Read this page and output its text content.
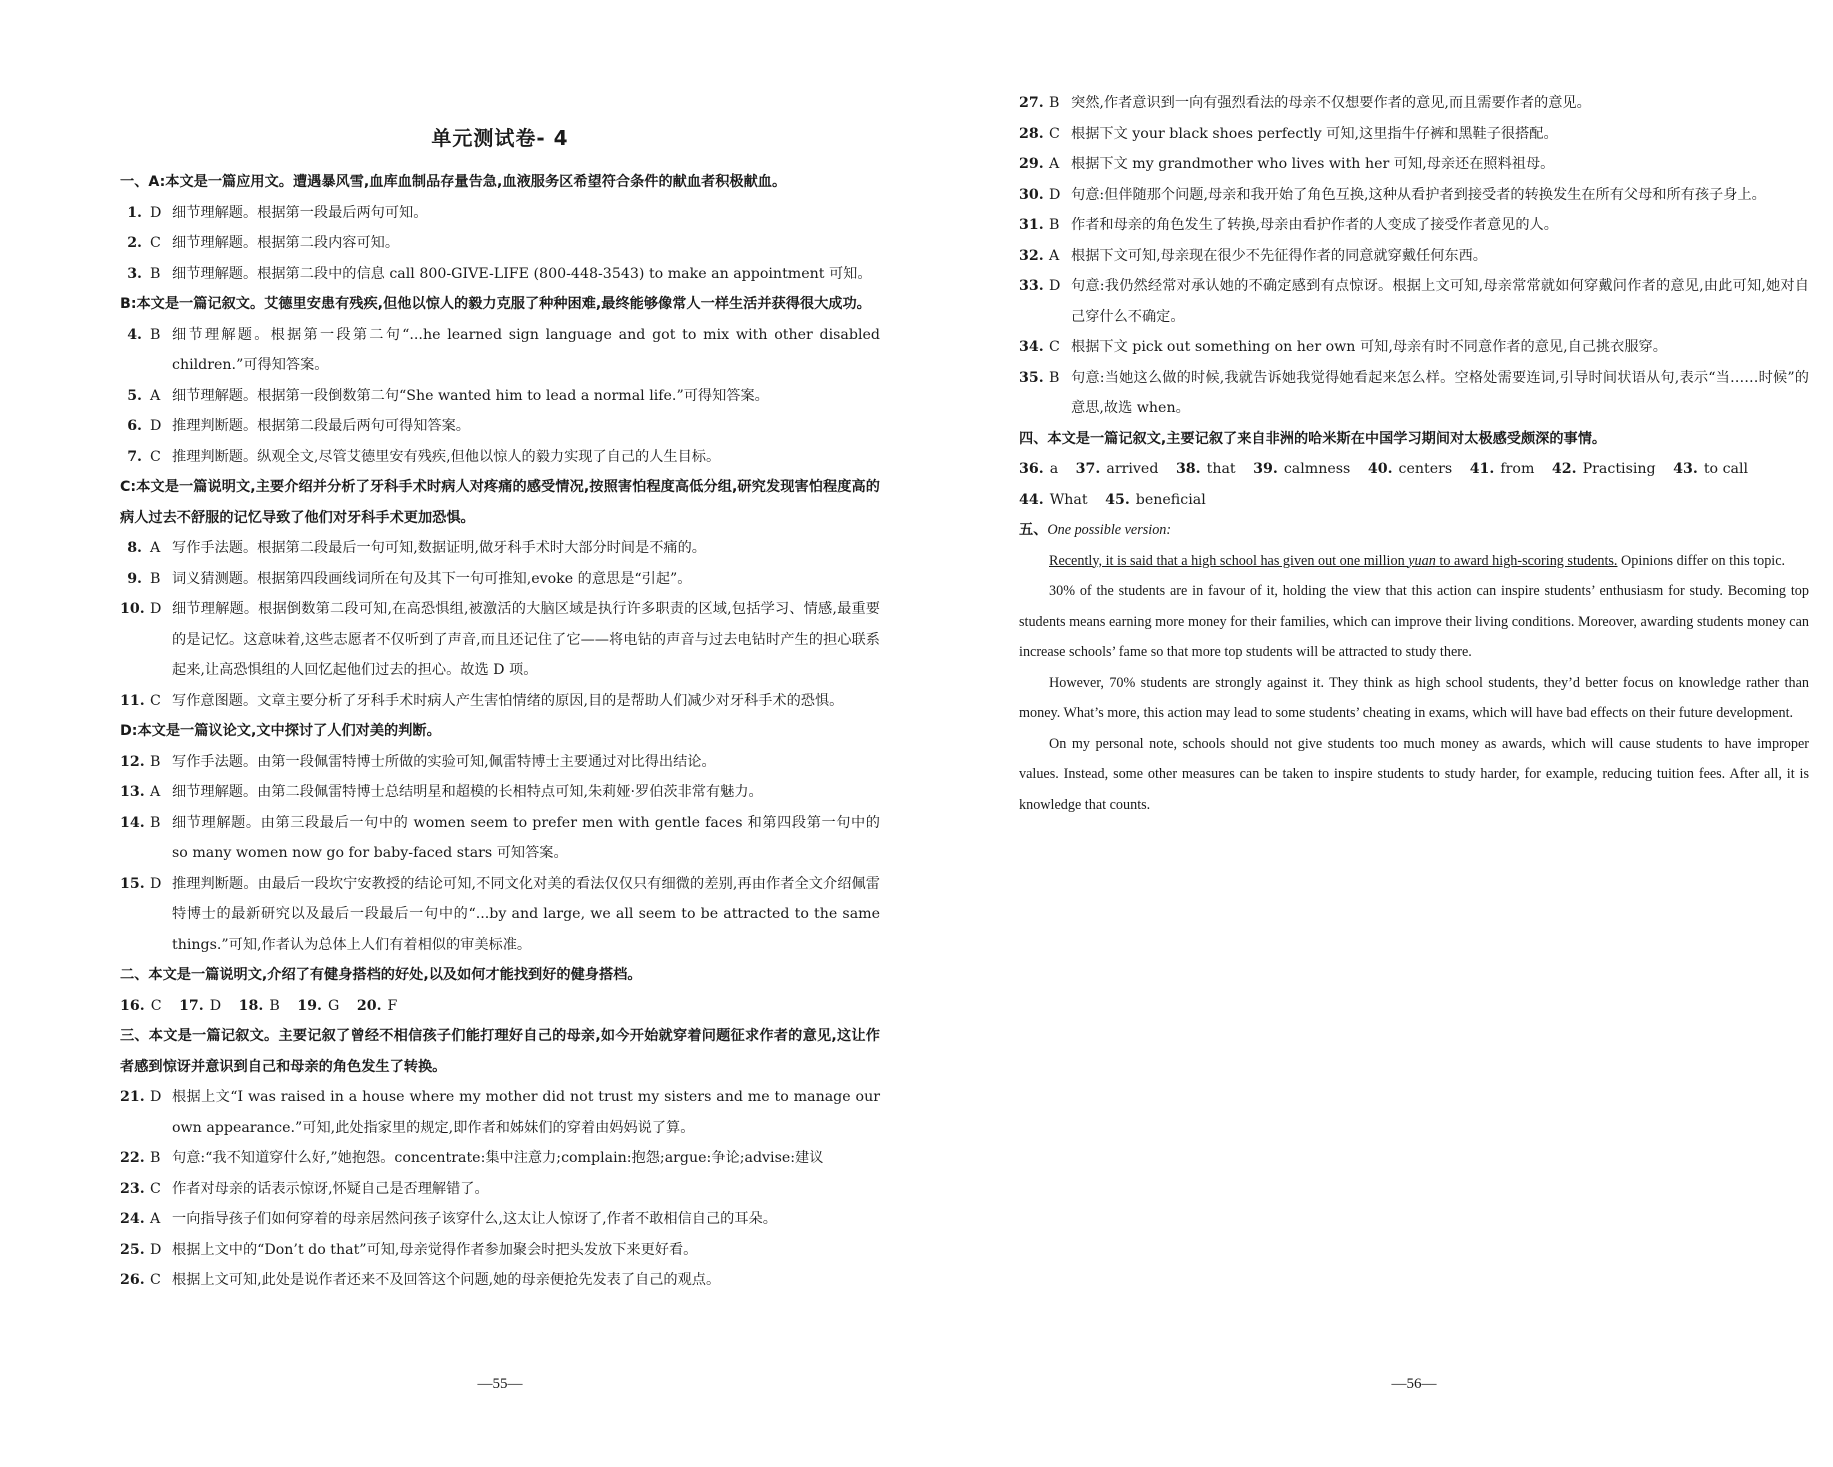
单元测试卷- 4
一、A:本文是一篇应用文。遭遇暴风雪,血库血制品存量告急,血液服务区希望符合条件的献血者积极献血。
1. D 细节理解题。根据第一段最后两句可知。
2. C 细节理解题。根据第二段内容可知。
3. B 细节理解题。根据第二段中的信息 call 800-GIVE-LIFE (800-448-3543) to make an appointment 可知。
B:本文是一篇记叙文。艾德里安患有残疾,但他以惊人的毅力克服了种种困难,最终能够像常人一样生活并获得很大成功。
4. B 细节理解题。根据第一段第二句“...he learned sign language and got to mix with other disabled children.”可得知答案。
5. A 细节理解题。根据第一段倒数第二句“She wanted him to lead a normal life.”可得知答案。
6. D 推理判断题。根据第二段最后两句可得知答案。
7. C 推理判断题。纵观全文,尽管艾德里安有残疾,但他以惊人的毅力实现了自己的人生目标。
C:本文是一篇说明文,主要介绍并分析了牙科手术时病人对疼痛的感受情况,按照害怕程度高低分组,研究发现害怕程度高的病人过去不舒服的记忆导致了他们对牙科手术更加恐惧。
8. A 写作手法题。根据第二段最后一句可知,数据证明,做牙科手术时大部分时间是不痛的。
9. B 词义猜测题。根据第四段画线词所在句及其下一句可推知,evoke 的意思是“引起”。
10. D 细节理解题。根据倒数第二段可知,在高恐惧组,被激活的大脑区域是执行许多职责的区域,包括学习、情感,最重要的是记忆。这意味着,这些志愿者不仅听到了声音,而且还记住了它——将电钻的声音与过去电钻时产生的担心联系起来,让高恐惧组的人回忆起他们过去的担心。故选 D 项。
11. C 写作意图题。文章主要分析了牙科手术时病人产生害怕情绪的原因,目的是帮助人们减少对牙科手术的恐惧。
D:本文是一篇议论文,文中探讨了人们对美的判断。
12. B 写作手法题。由第一段佩雷特博士所做的实验可知,佩雷特博士主要通过对比得出结论。
13. A 细节理解题。由第二段佩雷特博士总结明星和超模的长相特点可知,朱莉娅·罗伯茨非常有魅力。
14. B 细节理解题。由第三段最后一句中的 women seem to prefer men with gentle faces 和第四段第一句中的 so many women now go for baby-faced stars 可知答案。
15. D 推理判断题。由最后一段坎宁安教授的结论可知,不同文化对美的看法仅仅只有细微的差别,再由作者全文介绍佩雷特博士的最新研究以及最后一段最后一句中的“...by and large, we all seem to be attracted to the same things.”可知,作者认为总体上人们有着相似的审美标准。
二、本文是一篇说明文,介绍了有健身搭档的好处,以及如何才能找到好的健身搭档。
16. C 17. D 18. B 19. G 20. F
三、本文是一篇记叙文。主要记叙了曾经不相信孩子们能打理好自己的母亲,如今开始就穿着问题征求作者的意见,这让作者感到惊讶并意识到自己和母亲的角色发生了转换。
21. D 根据上文“I was raised in a house where my mother did not trust my sisters and me to manage our own appearance.”可知,此处指家里的规定,即作者和姊妹们的穿着由妈妈说了算。
22. B 句意:“我不知道穿什么好,”她抱怨。concentrate:集中注意力;complain:抱怨;argue:争论;advise:建议
23. C 作者对母亲的话表示惊讶,怀疑自己是否理解错了。
24. A 一向指导孩子们如何穿着的母亲居然问孩子该穿什么,这太让人惊讶了,作者不敢相信自己的耳朵。
25. D 根据上文中的“Don’t do that”可知,母亲觉得作者参加聚会时把头发放下来更好看。
26. C 根据上文可知,此处是说作者还来不及回答这个问题,她的母亲便抢先发表了自己的观点。
—55—
27. B 突然,作者意识到一向有强烈看法的母亲不仅想要作者的意见,而且需要作者的意见。
28. C 根据下文 your black shoes perfectly 可知,这里指牛仔裤和黑鞋子很搭配。
29. A 根据下文 my grandmother who lives with her 可知,母亲还在照料祖母。
30. D 句意:但伴随那个问题,母亲和我开始了角色互换,这种从看护者到接受者的转换发生在所有父母和所有孩子身上。
31. B 作者和母亲的角色发生了转换,母亲由看护作者的人变成了接受作者意见的人。
32. A 根据下文可知,母亲现在很少不先征得作者的同意就穿戴任何东西。
33. D 句意:我仍然经常对承认她的不确定感到有点惊讶。根据上文可知,母亲常常就如何穿戴问作者的意见,由此可知,她对自己穿什么不确定。
34. C 根据下文 pick out something on her own 可知,母亲有时不同意作者的意见,自己挑衣服穿。
35. B 句意:当她这么做的时候,我就告诉她我觉得她看起来怎么样。空格处需要连词,引导时间状语从句,表示“当……时候”的意思,故选 when。
四、本文是一篇记叙文,主要记叙了来自非洲的哈米斯在中国学习期间对太极感受颇深的事情。
36. a 37. arrived 38. that 39. calmness 40. centers 41. from 42. Practising 43. to call 44. What 45. beneficial
五、One possible version:

Recently, it is said that a high school has given out one million yuan to award high-scoring students. Opinions differ on this topic.

30% of the students are in favour of it, holding the view that this action can inspire students’ enthusiasm for study. Becoming top students means earning more money for their families, which can improve their living conditions. Moreover, awarding students money can increase schools’ fame so that more top students will be attracted to study there.

However, 70% students are strongly against it. They think as high school students, they’d better focus on knowledge rather than money. What’s more, this action may lead to some students’ cheating in exams, which will have bad effects on their future development.

On my personal note, schools should not give students too much money as awards, which will cause students to have improper values. Instead, some other measures can be taken to inspire students to study harder, for example, reducing tuition fees. After all, it is knowledge that counts.

—56—
